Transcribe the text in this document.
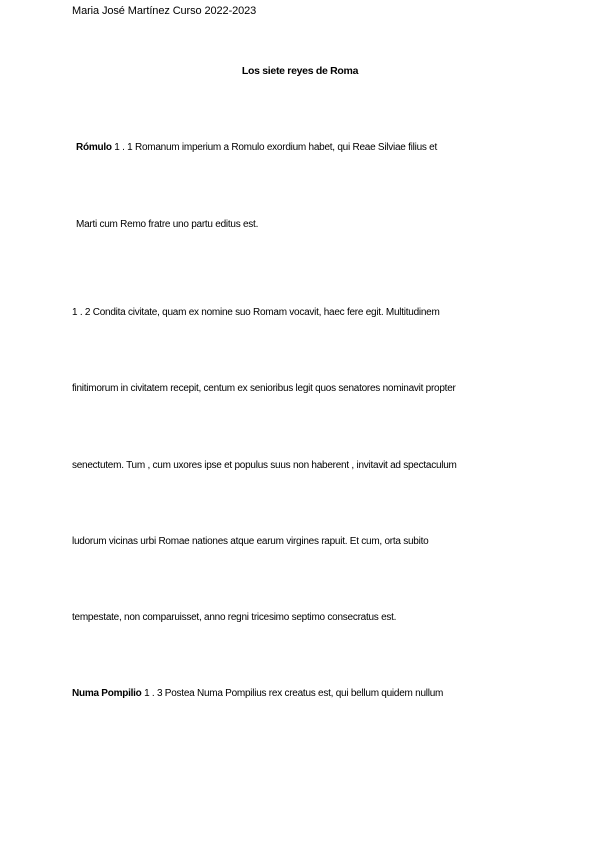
Maria José Martínez Curso 2022-2023
Los siete reyes de Roma
Rómulo 1 . 1 Romanum imperium a Romulo exordium habet, qui Reae Silviae filius et
Marti cum Remo fratre uno partu editus est.
1 . 2 Condita civitate, quam ex nomine suo Romam vocavit, haec fere egit. Multitudinem
finitimorum in civitatem recepit, centum ex senioribus legit quos senatores nominavit propter
senectutem. Tum , cum uxores ipse et populus suus non haberent , invitavit ad spectaculum
ludorum vicinas urbi Romae nationes atque earum virgines rapuit. Et cum, orta subito
tempestate, non comparuisset, anno regni tricesimo septimo consecratus est.
Numa Pompilio 1 . 3 Postea Numa Pompilius rex creatus est, qui bellum quidem nullum
